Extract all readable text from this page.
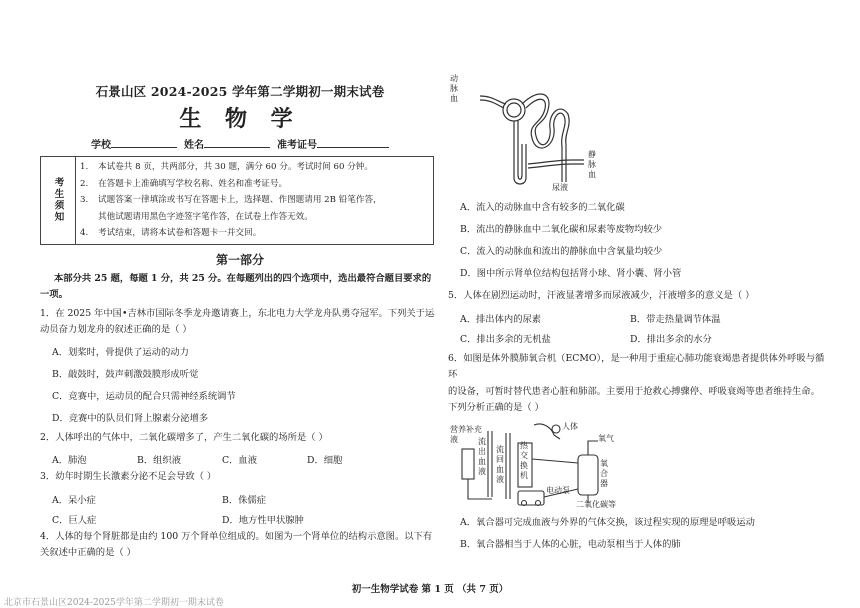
石景山区 2024-2025 学年第二学期初一期末试卷
生 物 学
学校	姓名	准考证号
考生须知	
1. 本试卷共 8 页，共两部分，共 30 题，满分 60 分。考试时间 60 分钟。
2. 在答题卡上准确填写学校名称、姓名和准考证号。
3. 试题答案一律填涂或书写在答题卡上，选择题、作图题请用 2B 铅笔作答，
其他试题请用黑色字迹签字笔作答，在试卷上作答无效。
4. 考试结束，请将本试卷和答题卡一并交回。
第一部分
本部分共 25 题，每题 1 分，共 25 分。在每题列出的四个选项中，选出最符合题目要求的一项。
1．在 2025 年中国•吉林市国际冬季龙舟邀请赛上，东北电力大学龙舟队勇夺冠军。下列关于运
动员奋力划龙舟的叙述正确的是（ ）
A．划桨时，骨提供了运动的动力
B．敲鼓时，鼓声刺激鼓膜形成听觉
C．竞赛中，运动员的配合只需神经系统调节
D．竞赛中的队员们肾上腺素分泌增多
2．人体呼出的气体中，二氧化碳增多了，产生二氧化碳的场所是（ ）
A．肺泡	B．组织液	C．血液	D．细胞
3．幼年时期生长激素分泌不足会导致（ ）
A．呆小症	B．侏儒症
C．巨人症	D．地方性甲状腺肿
4．人体的每个肾脏都是由约 100 万个肾单位组成的。如图为一个肾单位的结构示意图。以下有
关叙述中正确的是（ ）
动脉血
静脉血
尿液
A．流入的动脉血中含有较多的二氧化碳
B．流出的静脉血中二氧化碳和尿素等废物均较少
C．流入的动脉血和流出的静脉血中含氧量均较少
D．图中所示肾单位结构包括肾小球、肾小囊、肾小管
5．人体在剧烈运动时，汗液显著增多而尿液减少，汗液增多的意义是（ ）
A．排出体内的尿素	B．带走热量调节体温
C．排出多余的无机盐	D．排出多余的水分
6．如图是体外膜肺氧合机（ECMO），是一种用于重症心肺功能衰竭患者提供体外呼吸与循环
的设备，可暂时替代患者心脏和肺部。主要用于抢救心搏骤停、呼吸衰竭等患者维持生命。
下列分析正确的是（ ）
营养补充液	流出血液
流回血液
热交换机
人体
氧气
氧合器
电动泵
二氧化碳等
A．氧合器可完成血液与外界的气体交换，该过程实现的原理是呼吸运动
B．氧合器相当于人体的心脏，电动泵相当于人体的肺
初一生物学试卷 第 1 页 （共 7 页）
北京市石景山区2024-2025学年第二学期初一期末试卷
